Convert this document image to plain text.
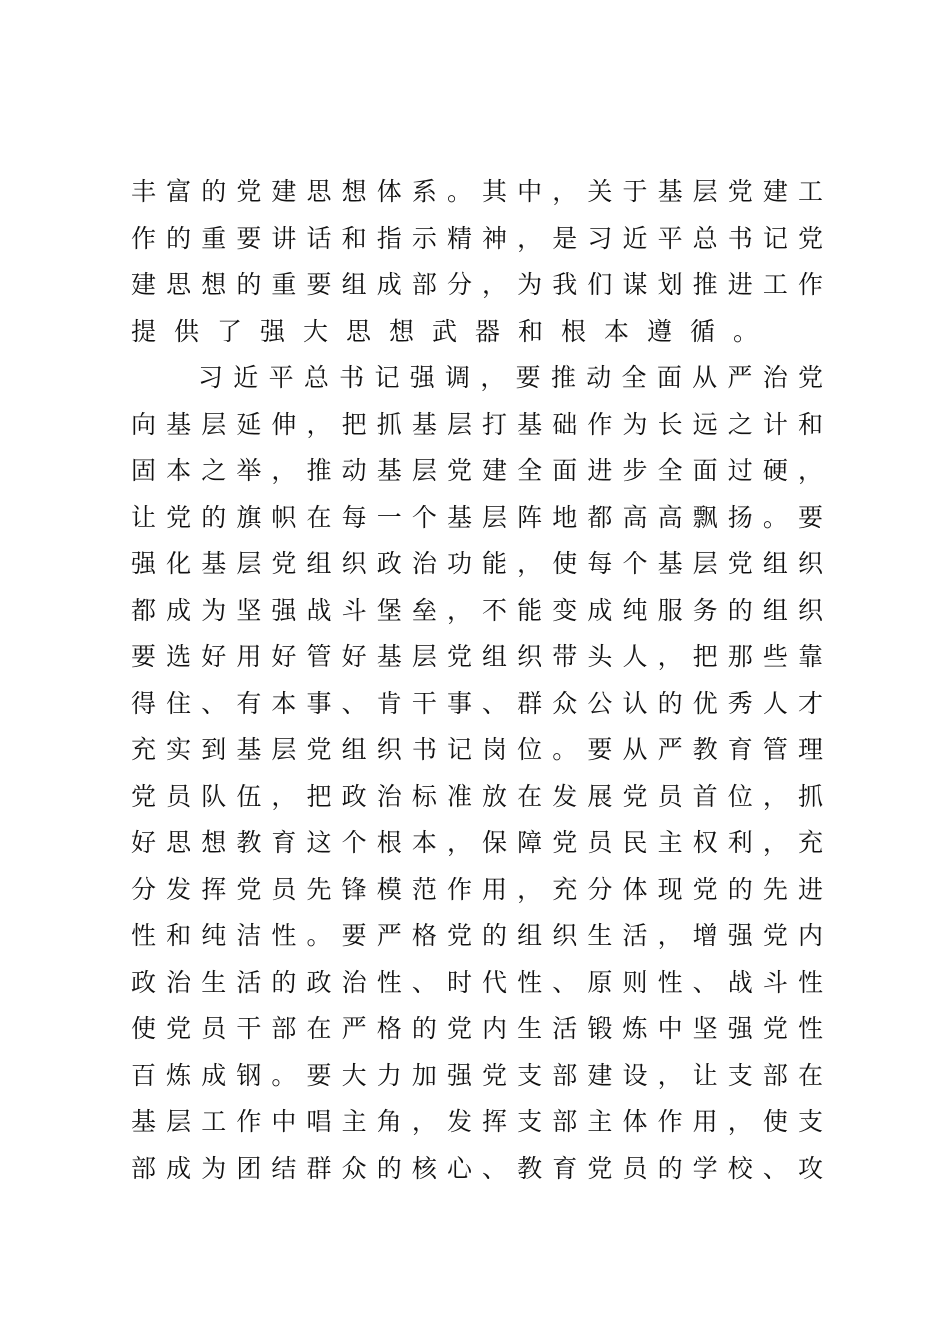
丰富的党建思想体系。其中，关于基层党建工
作的重要讲话和指示精神，是习近平总书记党
建思想的重要组成部分，为我们谋划推进工作
提供了强大思想武器和根本遵循。
习近平总书记强调，要推动全面从严治党
向基层延伸，把抓基层打基础作为长远之计和
固本之举，推动基层党建全面进步全面过硬，
让党的旗帜在每一个基层阵地都高高飘扬。要
强化基层党组织政治功能，使每个基层党组织
都成为坚强战斗堡垒，不能变成纯服务的组织
要选好用好管好基层党组织带头人，把那些靠
得住、有本事、肯干事、群众公认的优秀人才
充实到基层党组织书记岗位。要从严教育管理
党员队伍，把政治标准放在发展党员首位，抓
好思想教育这个根本，保障党员民主权利，充
分发挥党员先锋模范作用，充分体现党的先进
性和纯洁性。要严格党的组织生活，增强党内
政治生活的政治性、时代性、原则性、战斗性
使党员干部在严格的党内生活锻炼中坚强党性
百炼成钢。要大力加强党支部建设，让支部在
基层工作中唱主角，发挥支部主体作用，使支
部成为团结群众的核心、教育党员的学校、攻
